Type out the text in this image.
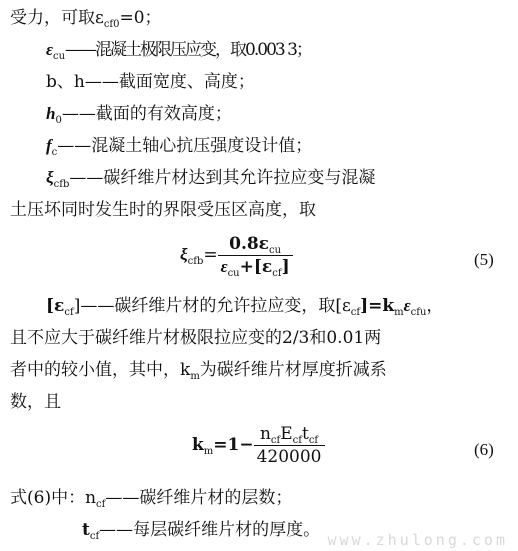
受力，可取$\varepsilon_{cf0}=0$；
$\varepsilon_{cu}——$混凝土极限压应变，取0.003 3；
b、h——截面宽度、高度；
$h_0——$截面的有效高度；
$f_c——$混凝土轴心抗压强度设计值；
$\xi_{cfb}——$碳纤维片材达到其允许拉应变与混凝
土压坏同时发生时的界限受压区高度，取
$\xi_{cfb}= \frac{0.8\varepsilon_{cu}}{\varepsilon_{cu}+[\varepsilon_{cf}]}$	(5)
$[\varepsilon_{cf}]——$碳纤维片材的允许拉应变，取$[\varepsilon_{cf}]=k_m\varepsilon_{cfu}$，
且不应大于碳纤维片材极限拉应变的2/3和0.01两
者中的较小值，其中，$k_m$为碳纤维片材厚度折减系
数，且
$k_m=1- \frac{n_{cf}E_{cf}t_{cf}}{420000}$	(6)
式(6)中：$n_{cf}——$碳纤维片材的层数；
$t_{cf}——$每层碳纤维片材的厚度。 www.zhulong.com
